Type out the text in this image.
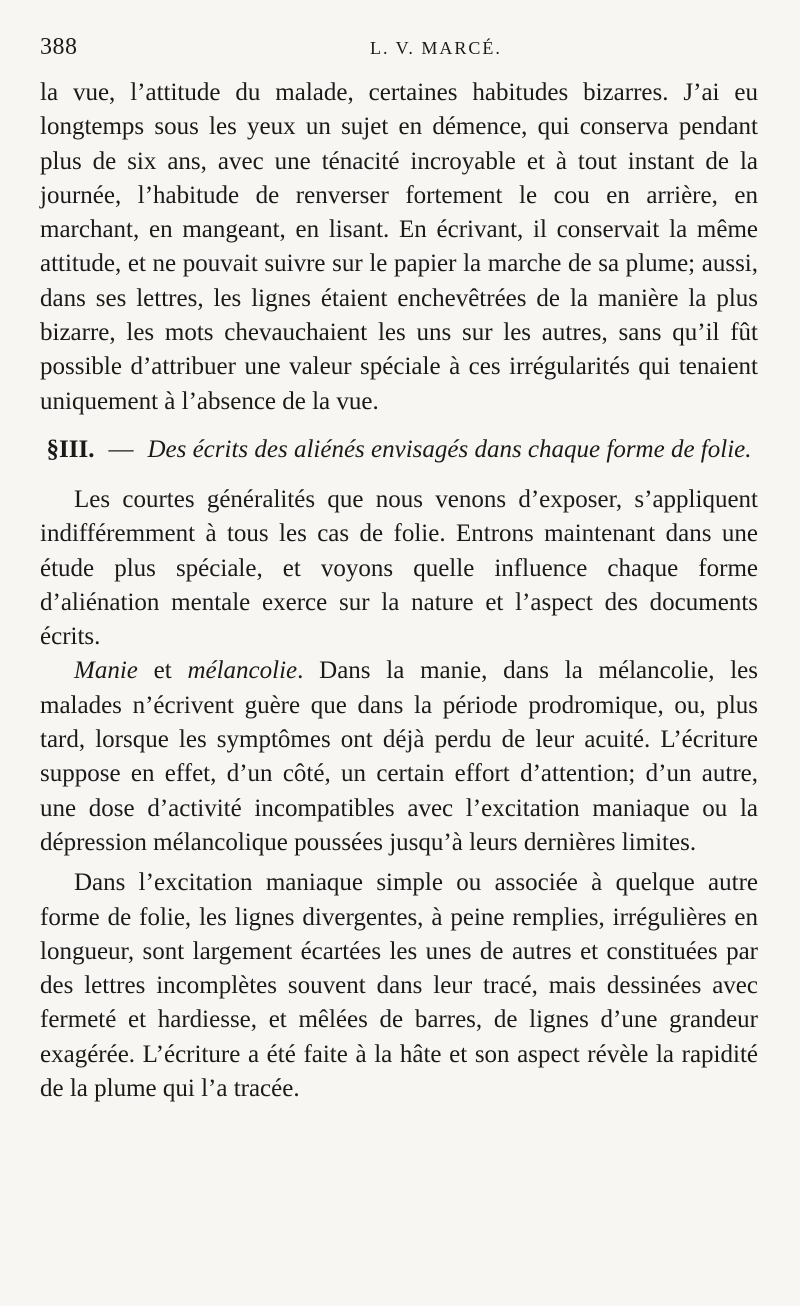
388	L. V. MARCÉ.

la vue, l’attitude du malade, certaines habitudes bizarres. J’ai eu longtemps sous les yeux un sujet en démence, qui conserva pendant plus de six ans, avec une ténacité incroyable et à tout instant de la journée, l’habitude de renverser fortement le cou en arrière, en marchant, en mangeant, en lisant. En écrivant, il conservait la même attitude, et ne pouvait suivre sur le papier la marche de sa plume; aussi, dans ses lettres, les lignes étaient enchevêtrées de la manière la plus bizarre, les mots chevauchaient les uns sur les autres, sans qu’il fût possible d’attribuer une valeur spéciale à ces irrégularités qui tenaient uniquement à l’absence de la vue.

§III. — Des écrits des aliénés envisagés dans chaque forme de folie.

Les courtes généralités que nous venons d’exposer, s’appliquent indifféremment à tous les cas de folie. Entrons maintenant dans une étude plus spéciale, et voyons quelle influence chaque forme d’aliénation mentale exerce sur la nature et l’aspect des documents écrits.

Manie et mélancolie. Dans la manie, dans la mélancolie, les malades n’écrivent guère que dans la période prodromique, ou, plus tard, lorsque les symptômes ont déjà perdu de leur acuité. L’écriture suppose en effet, d’un côté, un certain effort d’attention; d’un autre, une dose d’activité incompatibles avec l’excitation maniaque ou la dépression mélancolique poussées jusqu’à leurs dernières limites.

Dans l’excitation maniaque simple ou associée à quelque autre forme de folie, les lignes divergentes, à peine remplies, irrégulières en longueur, sont largement écartées les unes de autres et constituées par des lettres incomplètes souvent dans leur tracé, mais dessinées avec fermeté et hardiesse, et mêlées de barres, de lignes d’une grandeur exagérée. L’écriture a été faite à la hâte et son aspect révèle la rapidité de la plume qui l’a tracée.
